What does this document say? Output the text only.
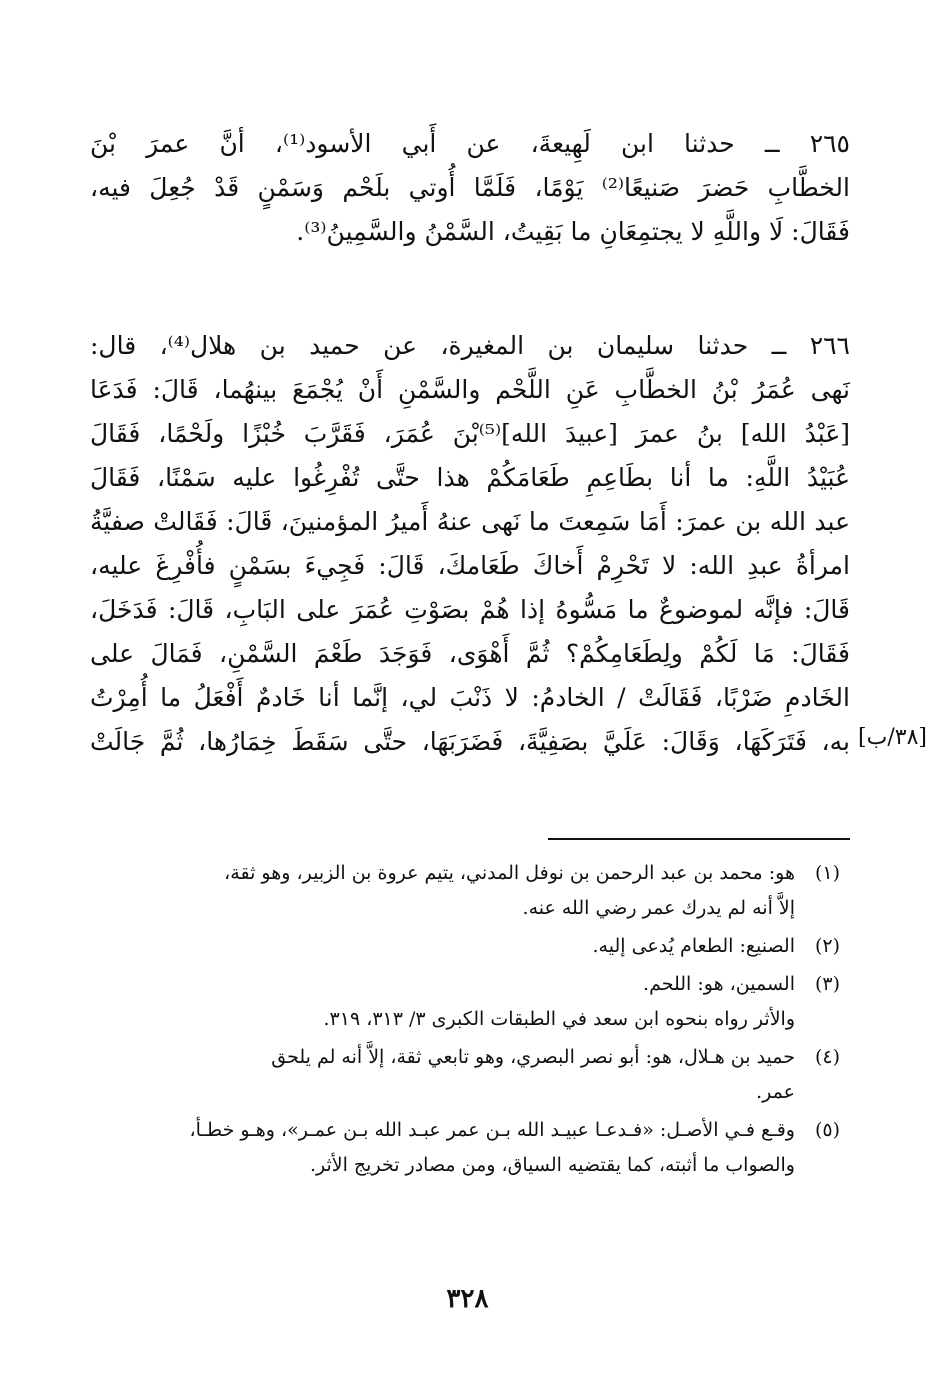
٢٦٥ ــ حدثنا ابن لَهِيعةَ، عن أَبي الأسود⁽¹⁾، أنَّ عمرَ بْنَ
الخطَّابِ حَضرَ صَنيعًا⁽²⁾ يَوْمًا، فَلَمَّا أُوتي بلَحْم وَسَمْنٍ قَدْ جُعِلَ فيه،
فَقَالَ: لَا واللَّهِ لا يجتمِعَانِ ما بَقِيتُ، السَّمْنُ والسَّمِينُ⁽³⁾.
٢٦٦ ــ حدثنا سليمان بن المغيرة، عن حميد بن هلال⁽⁴⁾، قال:
نَهى عُمَرُ بْنُ الخطَّابِ عَنِ اللَّحْم والسَّمْنِ أَنْ يُجْمَعَ بينهُما، قَالَ: فَدَعَا
[عَبْدُ الله] بنُ عمرَ [عبيدَ الله]⁽⁵⁾بْنَ عُمَرَ، فَقَرَّبَ خُبْزًا ولَحْمًا، فَقَالَ
عُبَيْدُ اللَّهِ: ما أنا بطَاعِمِ طَعَامَكُمْ هذا حتَّى تُفْرِغُوا عليه سَمْنًا، فَقَالَ
عبد الله بن عمرَ: أَمَا سَمِعتَ ما نَهى عنهُ أَميرُ المؤمنينَ، قَالَ: فَقَالتْ صفيَّةُ
امرأةُ عبدِ الله: لا تَحْرِمْ أَخاكَ طَعَامكَ، قَالَ: فَجِيءَ بسَمْنٍ فأُفْرِغَ عليه،
قَالَ: فإنَّه لموضوعٌ ما مَسُّوهُ إذا هُمْ بصَوْتِ عُمَرَ على البَابِ، قَالَ: فَدَخَلَ،
فَقَالَ: مَا لَكُمْ ولِطَعَامِكُمْ؟ ثُمَّ أَهْوَى، فَوَجَدَ طَعْمَ السَّمْنِ، فَمَالَ على
الخَادمِ ضَرْبًا، فَقَالَتْ / الخادمُ: لا ذَنْبَ لي، إنَّما أنا خَادمٌ أَفْعَلُ ما أُمِرْتُ
به، فَتَرَكَهَا، وَقَالَ: عَلَيَّ بصَفِيَّةَ، فَضَرَبَهَا، حتَّى سَقَطَ خِمَارُها، ثُمَّ جَالَتْ [٣٨/ب]
(١)
هو: محمد بن عبد الرحمن بن نوفل المدني، يتيم عروة بن الزبير، وهو ثقة،
إلاَّ أنه لم يدرك عمر رضي الله عنه.
(٢)
الصنيع: الطعام يُدعى إليه.
(٣)
السمين، هو: اللحم.
والأثر رواه بنحوه ابن سعد في الطبقات الكبرى ٣/ ٣١٣، ٣١٩.
(٤)
حميد بن هـلال، هو: أبو نصر البصري، وهو تابعي ثقة، إلاَّ أنه لم يلحق
عمر.
(٥)
وقـع فـي الأصـل: «فـدعـا عبيـد الله بـن عمر عبـد الله بـن عمـر»، وهـو خطـأ،
والصواب ما أثبته، كما يقتضيه السياق، ومن مصادر تخريج الأثر.
٣٢٨
